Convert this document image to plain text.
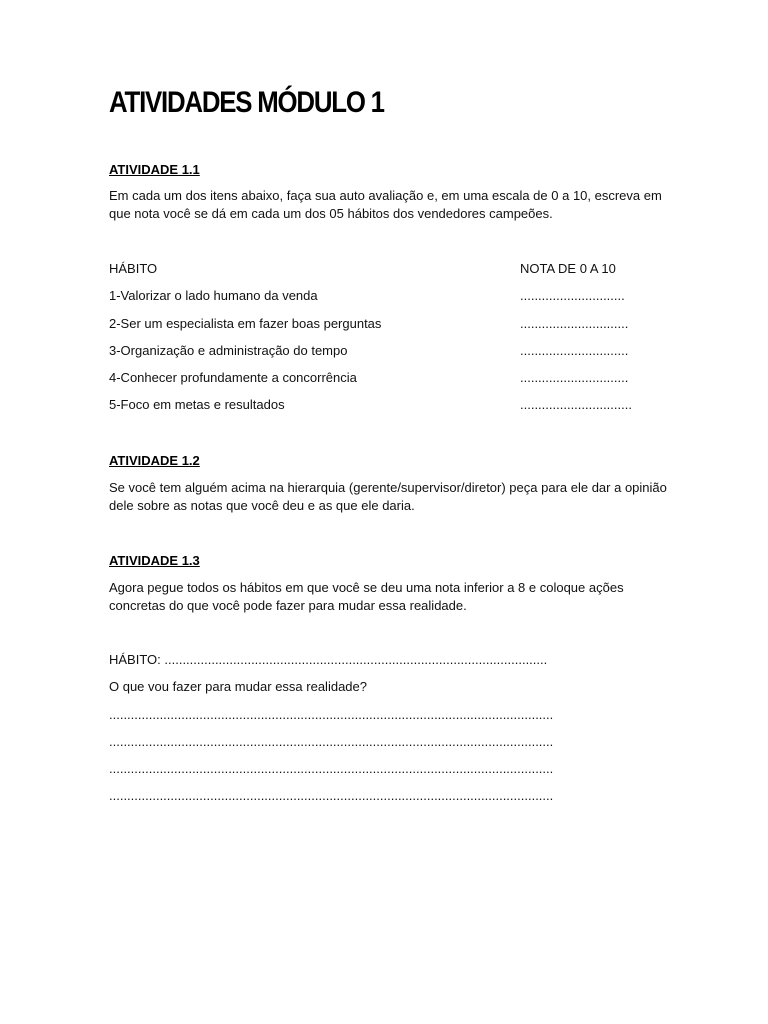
ATIVIDADES MÓDULO 1
ATIVIDADE 1.1
Em cada um dos itens abaixo, faça sua auto avaliação e, em uma escala de 0 a 10, escreva em que nota você se dá em cada um dos 05 hábitos dos vendedores campeões.
HÁBITO	NOTA DE 0 A 10
1-Valorizar o lado humano da venda	.............................
2-Ser um especialista em fazer boas perguntas	..............................
3-Organização e administração do tempo	..............................
4-Conhecer profundamente a concorrência	..............................
5-Foco em metas e resultados	...............................
ATIVIDADE 1.2
Se você tem alguém acima na hierarquia (gerente/supervisor/diretor) peça para ele dar a opinião dele sobre as notas que você deu e as que ele daria.
ATIVIDADE 1.3
Agora pegue todos os hábitos em que você se deu uma nota inferior a 8 e coloque ações concretas do que você pode fazer para mudar essa realidade.
HÁBITO: ..........................................................................................................
O que vou fazer para mudar essa realidade?
...........................................................................................................................
...........................................................................................................................
...........................................................................................................................
...........................................................................................................................
